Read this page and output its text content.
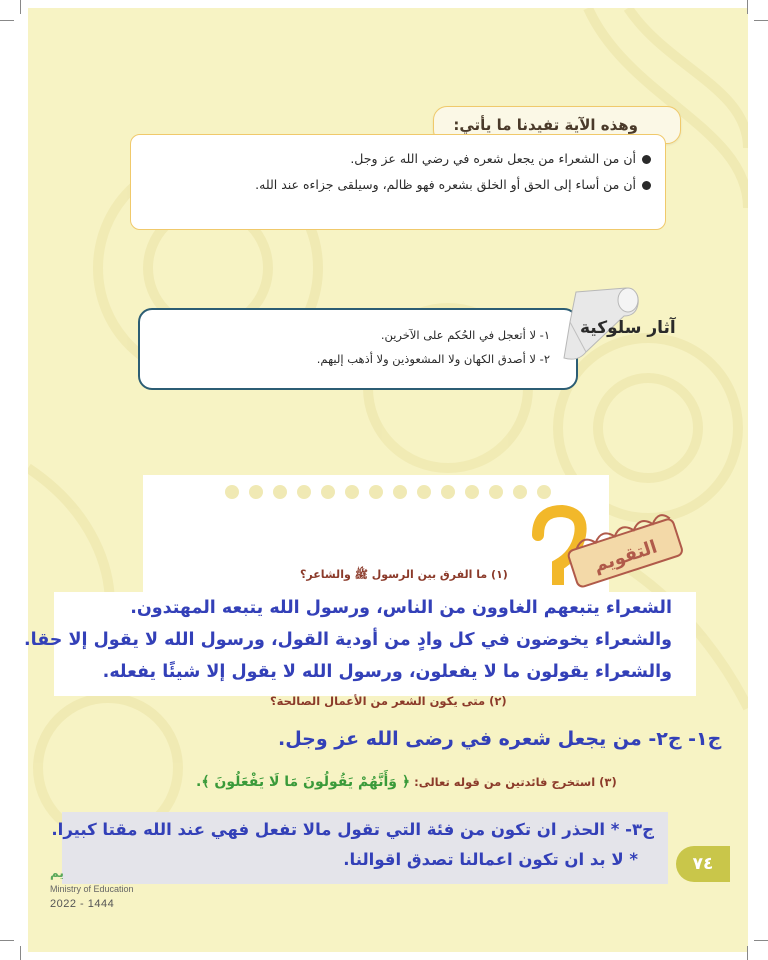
وهذه الآية تفيدنا ما يأتي:
أن من الشعراء من يجعل شعره في رضي الله عز وجل.
أن من أساء إلى الحق أو الخلق بشعره فهو ظالم، وسيلقى جزاءه عند الله.
١- لا أتعجل في الحُكم على الآخرين.
٢- لا أصدق الكهان ولا المشعوذين ولا أذهب إليهم.
آثار سلوكية
التقويم
(١) ما الفرق بين الرسول ﷺ والشاعر؟
الشعراء يتبعهم الغاوون من الناس، ورسول الله يتبعه المهتدون.
والشعراء يخوضون في كل وادٍ من أودية القول، ورسول الله لا يقول إلا حقا.
والشعراء يقولون ما لا يفعلون، ورسول الله لا يقول إلا شيئًا يفعله.
(٢) متى يكون الشعر من الأعمال الصالحة؟
ج١- ج٢- من يجعل شعره في رضى الله عز وجل.
(٣) استخرج فائدتين من قوله تعالى: ﴿ وَأَنَّهُمْ يَقُولُونَ مَا لَا يَفْعَلُونَ ﴾.
ج٣- * الحذر ان تكون من فئة التي تقول مالا تفعل فهي عند الله مقتا كبيرا.
* لا بد ان تكون اعمالنا تصدق اقوالنا.	٧٤
يم
Ministry of Education
2022 - 1444
